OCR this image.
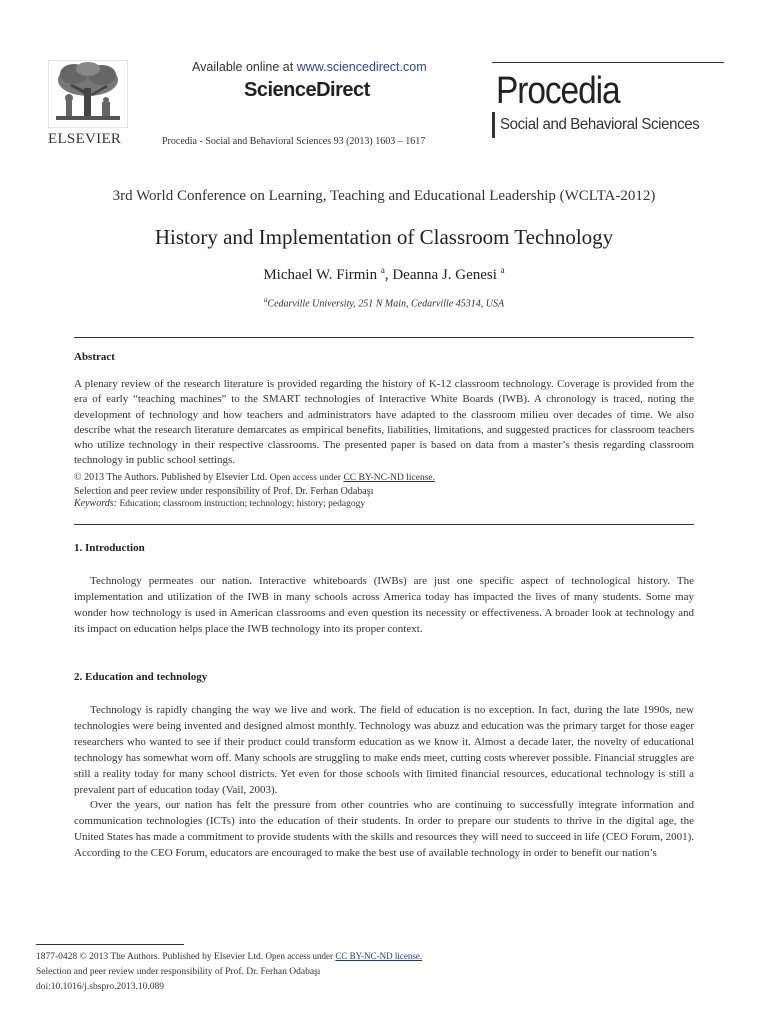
ELSEVIER
Available online at www.sciencedirect.com
ScienceDirect
Procedia - Social and Behavioral Sciences 93 (2013) 1603 – 1617
Procedia
Social and Behavioral Sciences
3rd World Conference on Learning, Teaching and Educational Leadership (WCLTA-2012)
History and Implementation of Classroom Technology
Michael W. Firmin $^a$, Deanna J. Genesi $^a$
$^a$Cedarville University, 251 N Main, Cedarville 45314, USA
Abstract
A plenary review of the research literature is provided regarding the history of K-12 classroom technology. Coverage is provided from the era of early “teaching machines” to the SMART technologies of Interactive White Boards (IWB). A chronology is traced, noting the development of technology and how teachers and administrators have adapted to the classroom milieu over decades of time. We also describe what the research literature demarcates as empirical benefits, liabilities, limitations, and suggested practices for classroom teachers who utilize technology in their respective classrooms. The presented paper is based on data from a master’s thesis regarding classroom technology in public school settings.
© 2013 The Authors. Published by Elsevier Ltd. Open access under CC BY-NC-ND license.
Selection and peer review under responsibility of Prof. Dr. Ferhan Odabaşı
Keywords: Education; classroom instruction; technology; history; pedagogy
1. Introduction

Technology permeates our nation. Interactive whiteboards (IWBs) are just one specific aspect of technological history. The implementation and utilization of the IWB in many schools across America today has impacted the lives of many students. Some may wonder how technology is used in American classrooms and even question its necessity or effectiveness. A broader look at technology and its impact on education helps place the IWB technology into its proper context.

2. Education and technology

Technology is rapidly changing the way we live and work. The field of education is no exception. In fact, during the late 1990s, new technologies were being invented and designed almost monthly. Technology was abuzz and education was the primary target for those eager researchers who wanted to see if their product could transform education as we know it. Almost a decade later, the novelty of educational technology has somewhat worn off. Many schools are struggling to make ends meet, cutting costs wherever possible. Financial struggles are still a reality today for many school districts. Yet even for those schools with limited financial resources, educational technology is still a prevalent part of education today (Vail, 2003).

Over the years, our nation has felt the pressure from other countries who are continuing to successfully integrate information and communication technologies (ICTs) into the education of their students. In order to prepare our students to thrive in the digital age, the United States has made a commitment to provide students with the skills and resources they will need to succeed in life (CEO Forum, 2001). According to the CEO Forum, educators are encouraged to make the best use of available technology in order to benefit our nation’s

1877-0428 © 2013 The Authors. Published by Elsevier Ltd. Open access under CC BY-NC-ND license.
Selection and peer review under responsibility of Prof. Dr. Ferhan Odabaşı
doi:10.1016/j.sbspro.2013.10.089
